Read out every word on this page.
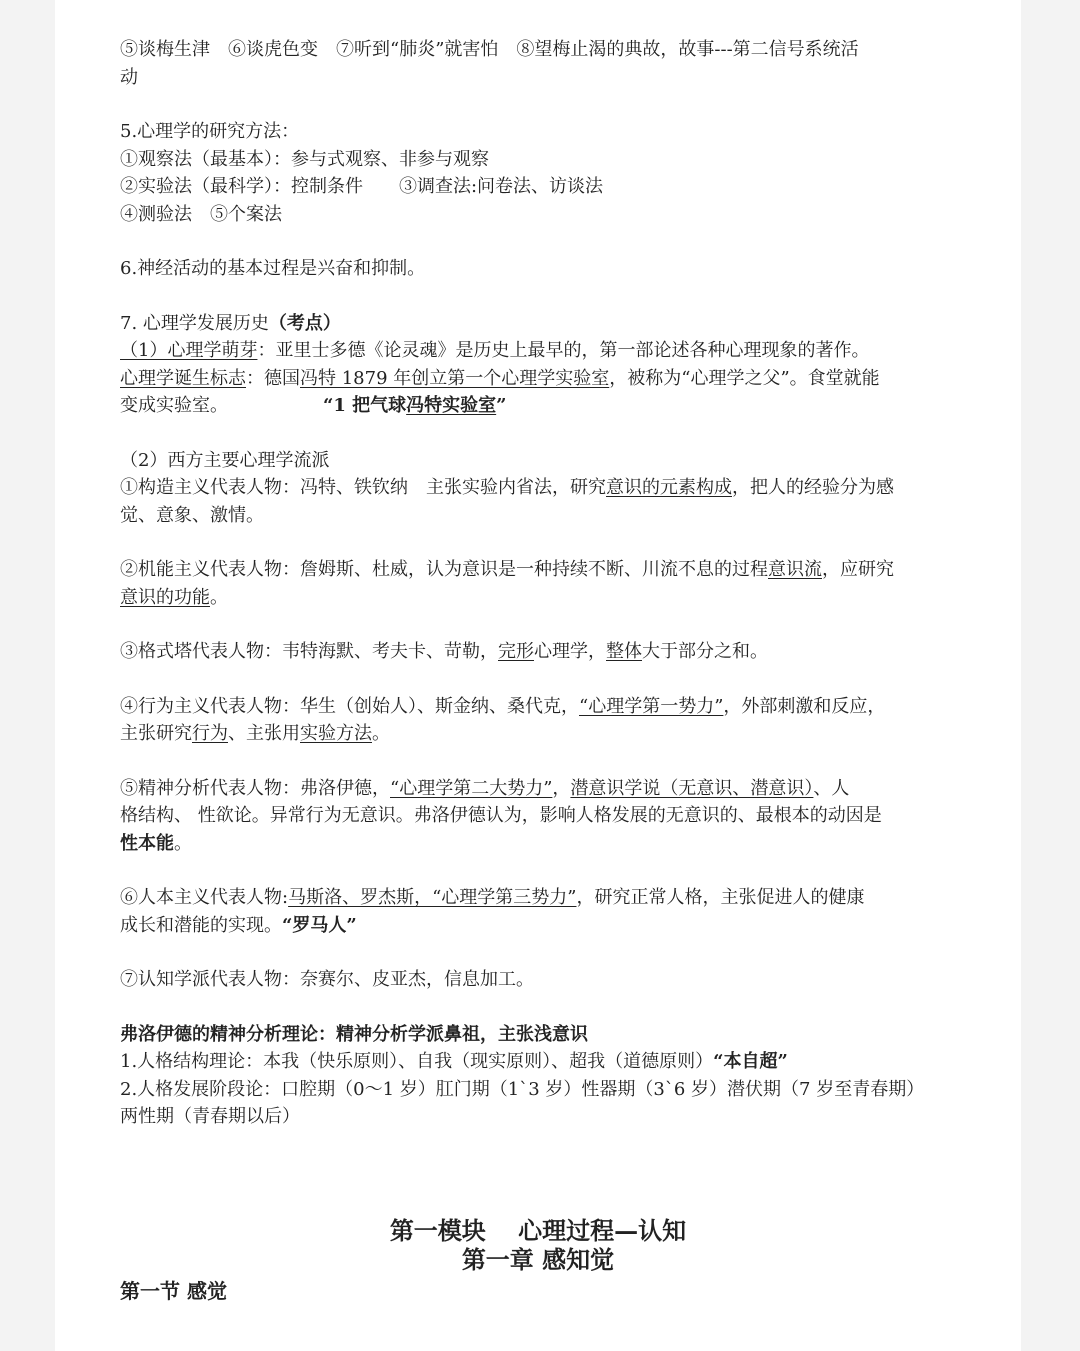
⑤谈梅生津　⑥谈虎色变　⑦听到“肺炎”就害怕　⑧望梅止渴的典故，故事---第二信号系统活
动
5.心理学的研究方法：
①观察法（最基本）：参与式观察、非参与观察
②实验法（最科学）：控制条件　　③调查法:问卷法、访谈法
④测验法　⑤个案法
6.神经活动的基本过程是兴奋和抑制。
7. 心理学发展历史（考点）
（1）心理学萌芽：亚里士多德《论灵魂》是历史上最早的，第一部论述各种心理现象的著作。
心理学诞生标志：德国冯特 1879 年创立第一个心理学实验室，被称为“心理学之父”。食堂就能
变成实验室。	“1 把气球冯特实验室”
（2）西方主要心理学流派
①构造主义代表人物：冯特、铁钦纳　主张实验内省法，研究意识的元素构成，把人的经验分为感
觉、意象、激情。
②机能主义代表人物：詹姆斯、杜威，认为意识是一种持续不断、川流不息的过程意识流，应研究
意识的功能。
③格式塔代表人物：韦特海默、考夫卡、苛勒，完形心理学，整体大于部分之和。
④行为主义代表人物：华生（创始人）、斯金纳、桑代克，“心理学第一势力”，外部刺激和反应，
主张研究行为、主张用实验方法。
⑤精神分析代表人物：弗洛伊德，“心理学第二大势力”，潜意识学说（无意识、潜意识）、人
格结构、 性欲论。异常行为无意识。弗洛伊德认为，影响人格发展的无意识的、最根本的动因是
性本能。
⑥人本主义代表人物:马斯洛、罗杰斯，“心理学第三势力”，研究正常人格，主张促进人的健康
成长和潜能的实现。“罗马人”
⑦认知学派代表人物：奈赛尔、皮亚杰，信息加工。
弗洛伊德的精神分析理论：精神分析学派鼻祖，主张浅意识
1.人格结构理论：本我（快乐原则）、自我（现实原则）、超我（道德原则）“本自超”
2.人格发展阶段论：口腔期（0～1 岁）肛门期（1`3 岁）性器期（3`6 岁）潜伏期（7 岁至青春期）
两性期（青春期以后）
第一模块　 心理过程—认知
第一章 感知觉
第一节 感觉
